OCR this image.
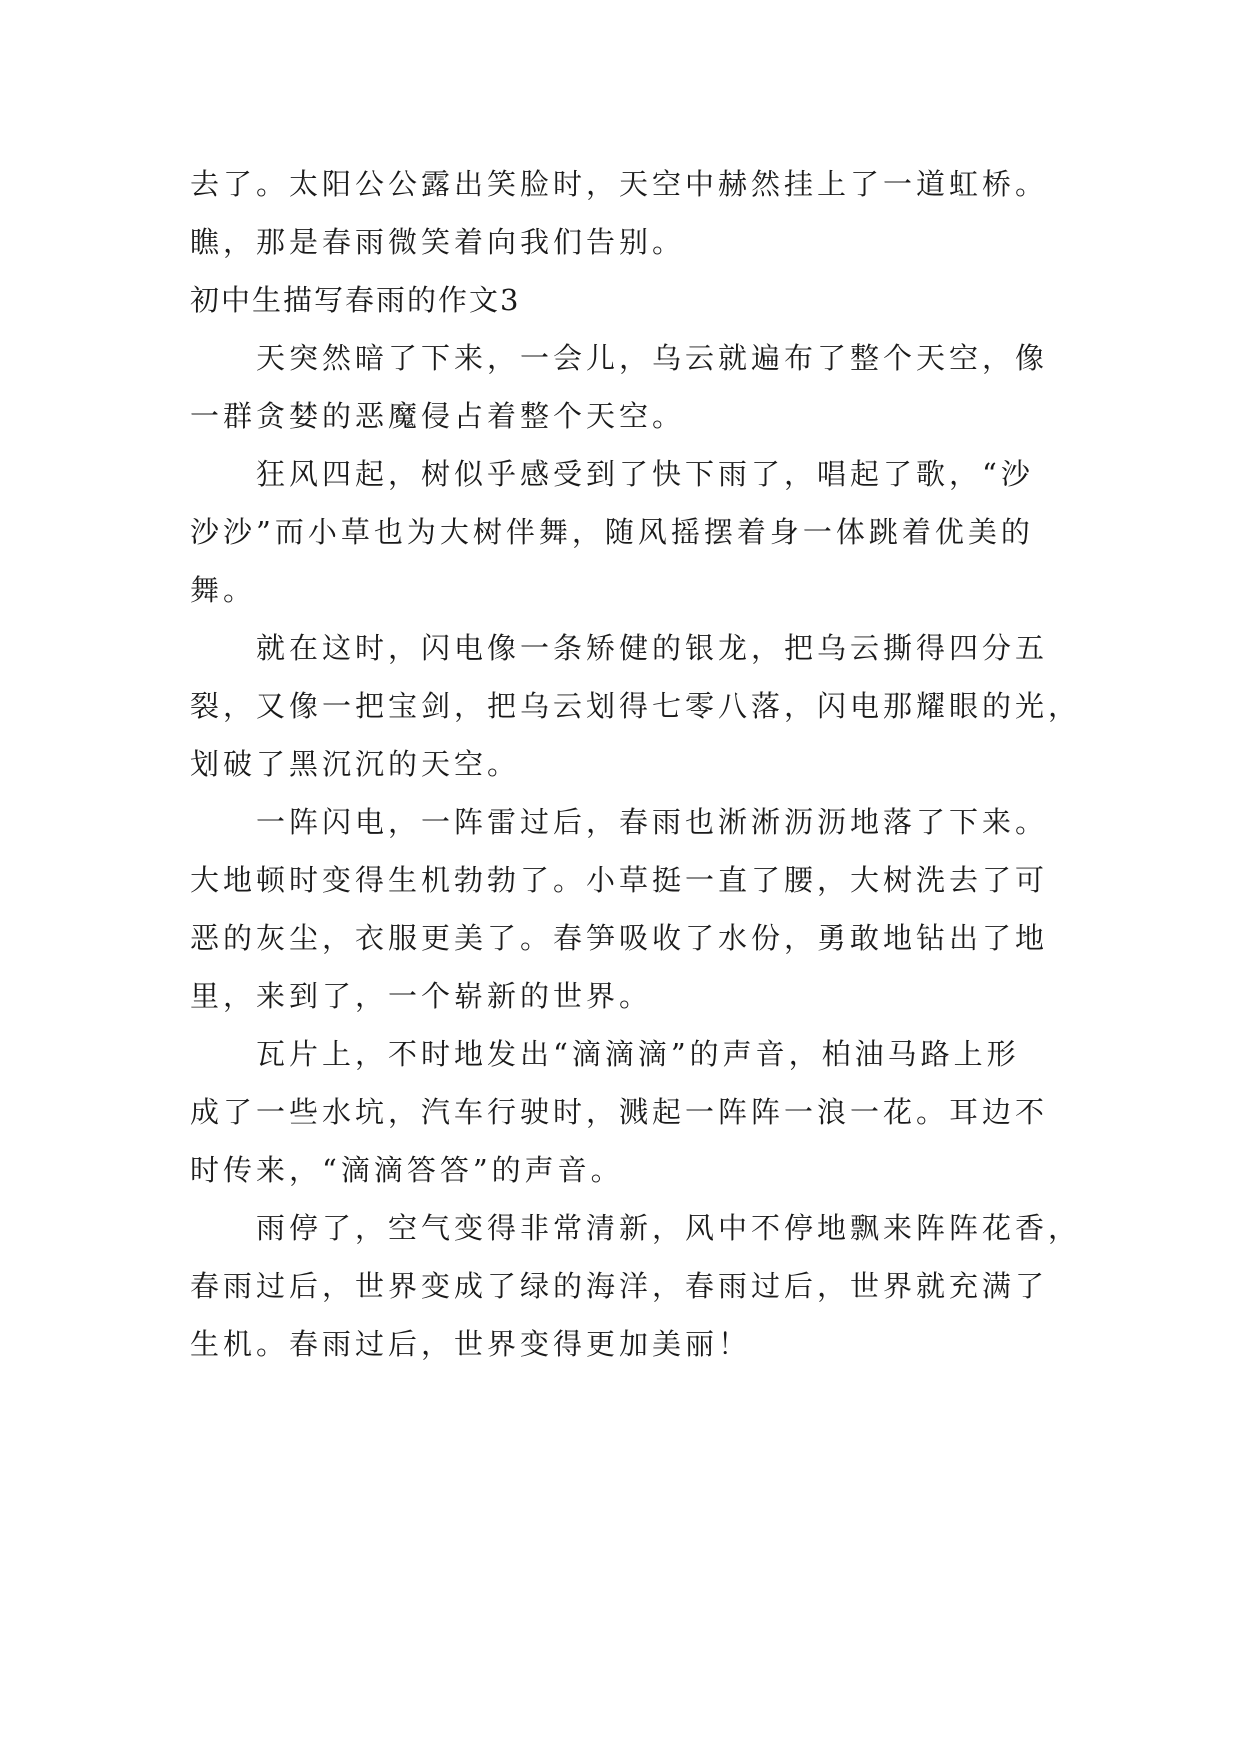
去了。太阳公公露出笑脸时，天空中赫然挂上了一道虹桥。
瞧，那是春雨微笑着向我们告别。
初中生描写春雨的作文3
　　天突然暗了下来，一会儿，乌云就遍布了整个天空，像
一群贪婪的恶魔侵占着整个天空。
　　狂风四起，树似乎感受到了快下雨了，唱起了歌，“沙
沙沙”而小草也为大树伴舞，随风摇摆着身一体跳着优美的
舞。
　　就在这时，闪电像一条矫健的银龙，把乌云撕得四分五
裂，又像一把宝剑，把乌云划得七零八落，闪电那耀眼的光，
划破了黑沉沉的天空。
　　一阵闪电，一阵雷过后，春雨也淅淅沥沥地落了下来。
大地顿时变得生机勃勃了。小草挺一直了腰，大树洗去了可
恶的灰尘，衣服更美了。春笋吸收了水份，勇敢地钻出了地
里，来到了，一个崭新的世界。
　　瓦片上，不时地发出“滴滴滴”的声音，柏油马路上形
成了一些水坑，汽车行驶时，溅起一阵阵一浪一花。耳边不
时传来，“滴滴答答”的声音。
　　雨停了，空气变得非常清新，风中不停地飘来阵阵花香，
春雨过后，世界变成了绿的海洋，春雨过后，世界就充满了
生机。春雨过后，世界变得更加美丽！
